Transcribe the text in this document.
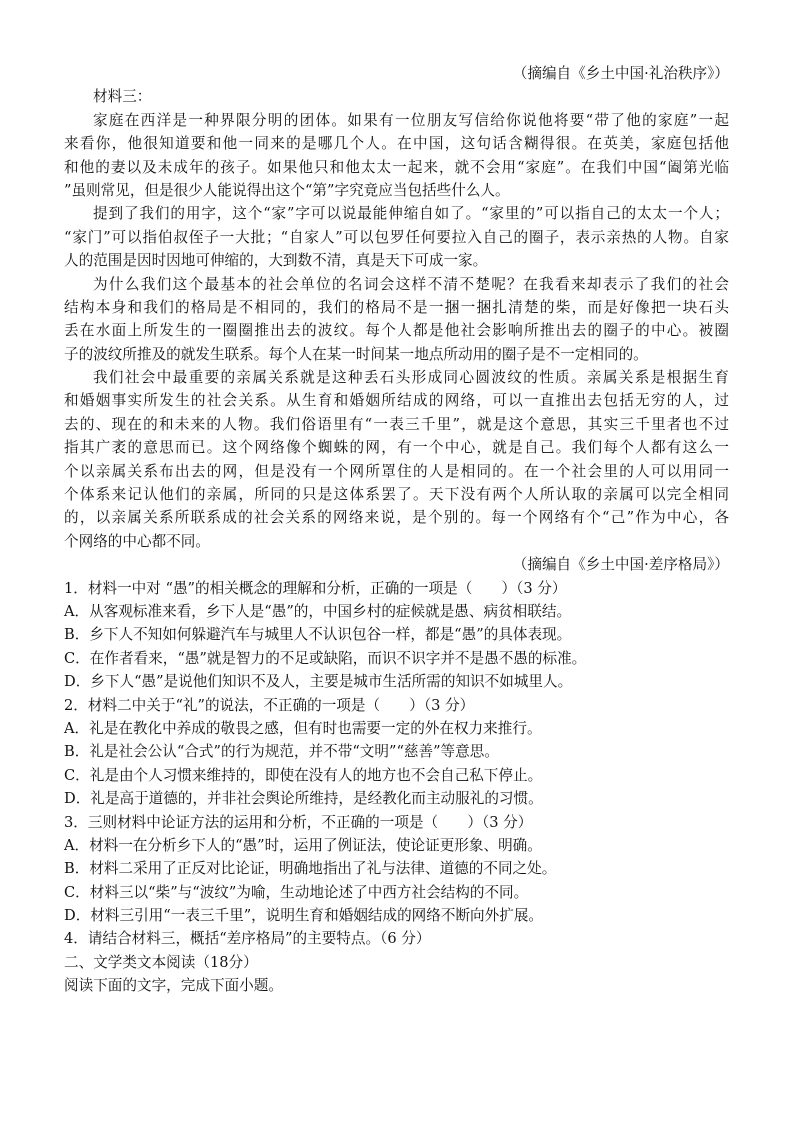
（摘编自《乡土中国·礼治秩序》）
材料三：
家庭在西洋是一种界限分明的团体。如果有一位朋友写信给你说他将要“带了他的家庭”一起
来看你，他很知道要和他一同来的是哪几个人。在中国，这句话含糊得很。在英美，家庭包括他
和他的妻以及未成年的孩子。如果他只和他太太一起来，就不会用“家庭”。在我们中国“阖第光临
”虽则常见，但是很少人能说得出这个“第”字究竟应当包括些什么人。
提到了我们的用字，这个“家”字可以说最能伸缩自如了。“家里的”可以指自己的太太一个人；
“家门”可以指伯叔侄子一大批；“自家人”可以包罗任何要拉入自己的圈子，表示亲热的人物。自家
人的范围是因时因地可伸缩的，大到数不清，真是天下可成一家。
为什么我们这个最基本的社会单位的名词会这样不清不楚呢？在我看来却表示了我们的社会
结构本身和我们的格局是不相同的，我们的格局不是一捆一捆扎清楚的柴，而是好像把一块石头
丢在水面上所发生的一圈圈推出去的波纹。每个人都是他社会影响所推出去的圈子的中心。被圈
子的波纹所推及的就发生联系。每个人在某一时间某一地点所动用的圈子是不一定相同的。
我们社会中最重要的亲属关系就是这种丢石头形成同心圆波纹的性质。亲属关系是根据生育
和婚姻事实所发生的社会关系。从生育和婚姻所结成的网络，可以一直推出去包括无穷的人，过
去的、现在的和未来的人物。我们俗语里有“一表三千里”，就是这个意思，其实三千里者也不过
指其广袤的意思而已。这个网络像个蜘蛛的网，有一个中心，就是自己。我们每个人都有这么一
个以亲属关系布出去的网，但是没有一个网所罩住的人是相同的。在一个社会里的人可以用同一
个体系来记认他们的亲属，所同的只是这体系罢了。天下没有两个人所认取的亲属可以完全相同
的，以亲属关系所联系成的社会关系的网络来说，是个别的。每一个网络有个“己”作为中心，各
个网络的中心都不同。
（摘编自《乡土中国·差序格局》）
1．材料一中对 “愚”的相关概念的理解和分析，正确的一项是（　　）（3 分）
A．从客观标准来看，乡下人是“愚”的，中国乡村的症候就是愚、病贫相联结。
B．乡下人不知如何躲避汽车与城里人不认识包谷一样，都是“愚”的具体表现。
C．在作者看来，“愚”就是智力的不足或缺陷，而识不识字并不是愚不愚的标准。
D．乡下人“愚”是说他们知识不及人，主要是城市生活所需的知识不如城里人。
2．材料二中关于“礼”的说法，不正确的一项是（　　）（3 分）
A．礼是在教化中养成的敬畏之感，但有时也需要一定的外在权力来推行。
B．礼是社会公认“合式”的行为规范，并不带“文明”“慈善”等意思。
C．礼是由个人习惯来维持的，即使在没有人的地方也不会自己私下停止。
D．礼是高于道德的，并非社会舆论所维持，是经教化而主动服礼的习惯。
3．三则材料中论证方法的运用和分析，不正确的一项是（　　）（3 分）
A．材料一在分析乡下人的“愚”时，运用了例证法，使论证更形象、明确。
B．材料二采用了正反对比论证，明确地指出了礼与法律、道德的不同之处。
C．材料三以“柴”与“波纹”为喻，生动地论述了中西方社会结构的不同。
D．材料三引用“一表三千里”，说明生育和婚姻结成的网络不断向外扩展。
4．请结合材料三，概括“差序格局”的主要特点。（6 分）
二、文学类文本阅读（18分）
阅读下面的文字，完成下面小题。
